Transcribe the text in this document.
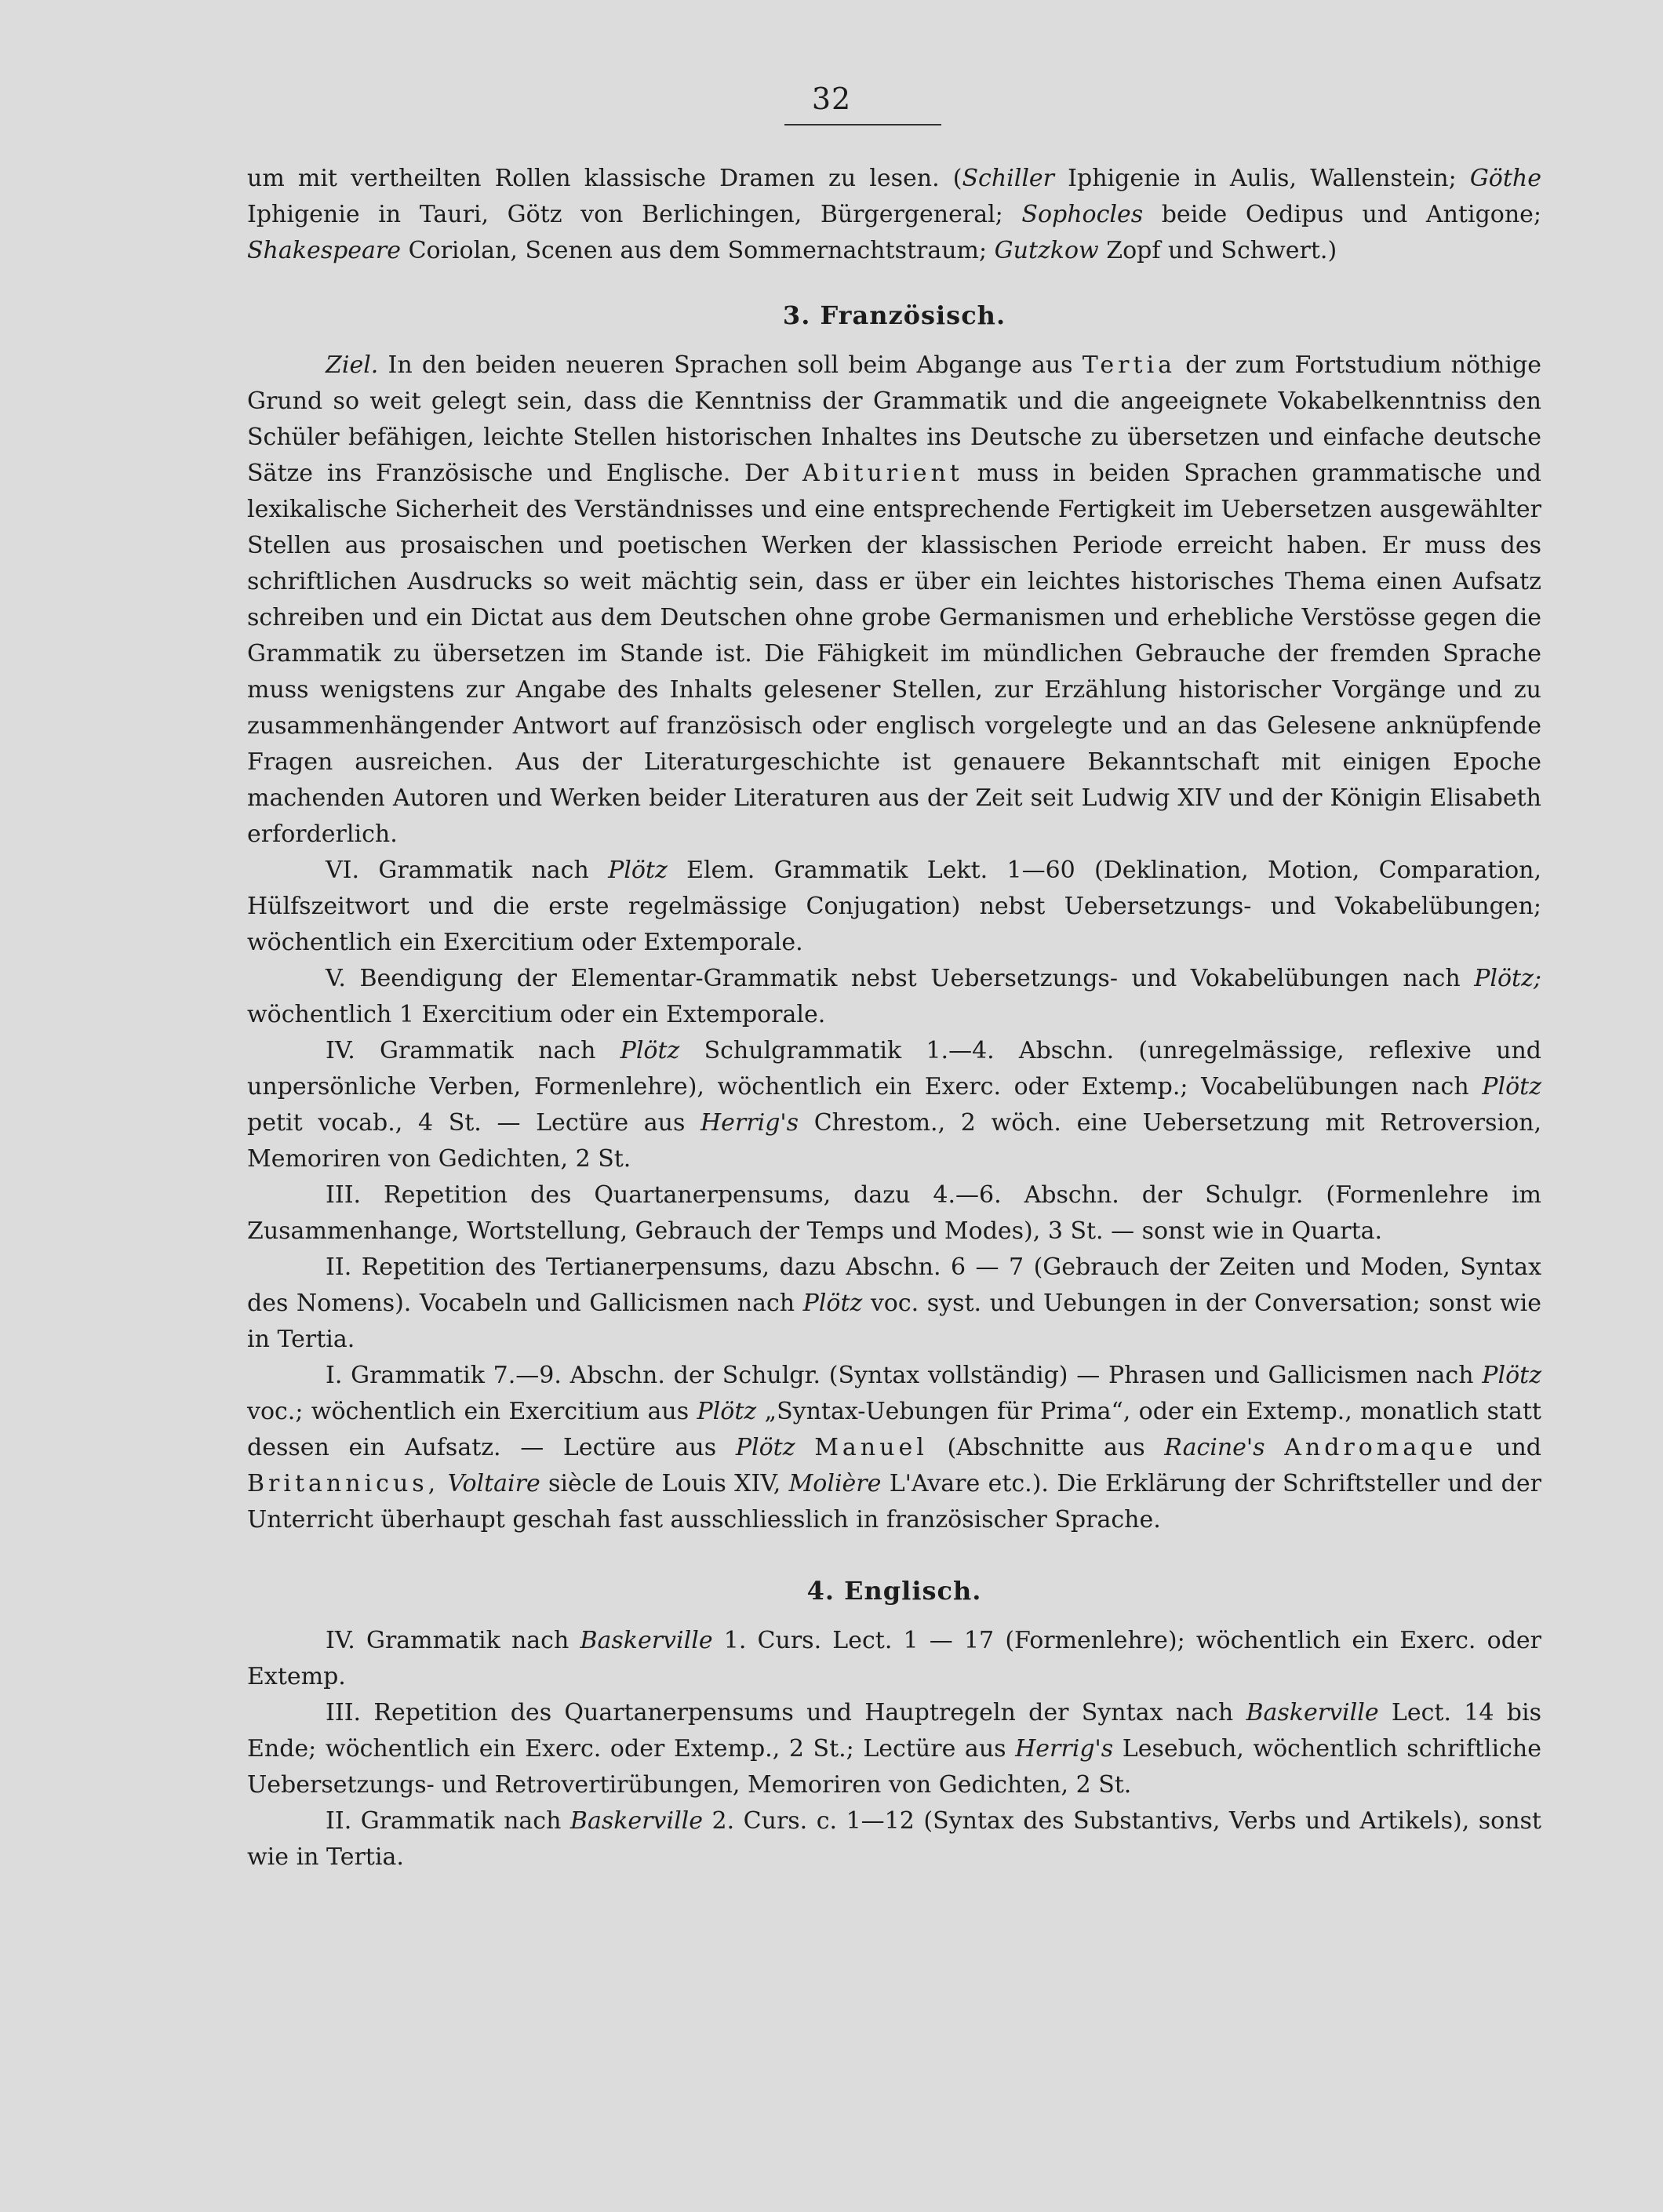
32

um mit vertheilten Rollen klassische Dramen zu lesen. (Schiller Iphigenie in Aulis, Wallenstein; Göthe Iphigenie in Tauri, Götz von Berlichingen, Bürgergeneral; Sophocles beide Oedipus und Antigone; Shakespeare Coriolan, Scenen aus dem Sommernachtstraum; Gutzkow Zopf und Schwert.)

3. Französisch.

Ziel. In den beiden neueren Sprachen soll beim Abgange aus Tertia der zum Fortstudium nöthige Grund so weit gelegt sein, dass die Kenntniss der Grammatik und die angeeignete Vokabelkenntniss den Schüler befähigen, leichte Stellen historischen Inhaltes ins Deutsche zu übersetzen und einfache deutsche Sätze ins Französische und Englische. Der Abiturient muss in beiden Sprachen grammatische und lexikalische Sicherheit des Verständnisses und eine entsprechende Fertigkeit im Uebersetzen ausgewählter Stellen aus prosaischen und poetischen Werken der klassischen Periode erreicht haben. Er muss des schriftlichen Ausdrucks so weit mächtig sein, dass er über ein leichtes historisches Thema einen Aufsatz schreiben und ein Dictat aus dem Deutschen ohne grobe Germanismen und erhebliche Verstösse gegen die Grammatik zu übersetzen im Stande ist. Die Fähigkeit im mündlichen Gebrauche der fremden Sprache muss wenigstens zur Angabe des Inhalts gelesener Stellen, zur Erzählung historischer Vorgänge und zu zusammenhängender Antwort auf französisch oder englisch vorgelegte und an das Gelesene anknüpfende Fragen ausreichen. Aus der Literaturgeschichte ist genauere Bekanntschaft mit einigen Epoche machenden Autoren und Werken beider Literaturen aus der Zeit seit Ludwig XIV und der Königin Elisabeth erforderlich.

VI. Grammatik nach Plötz Elem. Grammatik Lekt. 1—60 (Deklination, Motion, Comparation, Hülfszeitwort und die erste regelmässige Conjugation) nebst Uebersetzungs- und Vokabelübungen; wöchentlich ein Exercitium oder Extemporale.

V. Beendigung der Elementar-Grammatik nebst Uebersetzungs- und Vokabelübungen nach Plötz; wöchentlich 1 Exercitium oder ein Extemporale.

IV. Grammatik nach Plötz Schulgrammatik 1.—4. Abschn. (unregelmässige, reflexive und unpersönliche Verben, Formenlehre), wöchentlich ein Exerc. oder Extemp.; Vocabelübungen nach Plötz petit vocab., 4 St. — Lectüre aus Herrig's Chrestom., 2 wöch. eine Uebersetzung mit Retroversion, Memoriren von Gedichten, 2 St.

III. Repetition des Quartanerpensums, dazu 4.—6. Abschn. der Schulgr. (Formenlehre im Zusammenhange, Wortstellung, Gebrauch der Temps und Modes), 3 St. — sonst wie in Quarta.

II. Repetition des Tertianerpensums, dazu Abschn. 6 — 7 (Gebrauch der Zeiten und Moden, Syntax des Nomens). Vocabeln und Gallicismen nach Plötz voc. syst. und Uebungen in der Conversation; sonst wie in Tertia.

I. Grammatik 7.—9. Abschn. der Schulgr. (Syntax vollständig) — Phrasen und Gallicismen nach Plötz voc.; wöchentlich ein Exercitium aus Plötz „Syntax-Uebungen für Prima“, oder ein Extemp., monatlich statt dessen ein Aufsatz. — Lectüre aus Plötz Manuel (Abschnitte aus Racine's Andromaque und Britannicus, Voltaire siècle de Louis XIV, Molière L'Avare etc.). Die Erklärung der Schriftsteller und der Unterricht überhaupt geschah fast ausschliesslich in französischer Sprache.

4. Englisch.

IV. Grammatik nach Baskerville 1. Curs. Lect. 1 — 17 (Formenlehre); wöchentlich ein Exerc. oder Extemp.

III. Repetition des Quartanerpensums und Hauptregeln der Syntax nach Baskerville Lect. 14 bis Ende; wöchentlich ein Exerc. oder Extemp., 2 St.; Lectüre aus Herrig's Lesebuch, wöchentlich schriftliche Uebersetzungs- und Retrovertirübungen, Memoriren von Gedichten, 2 St.

II. Grammatik nach Baskerville 2. Curs. c. 1—12 (Syntax des Substantivs, Verbs und Artikels), sonst wie in Tertia.
